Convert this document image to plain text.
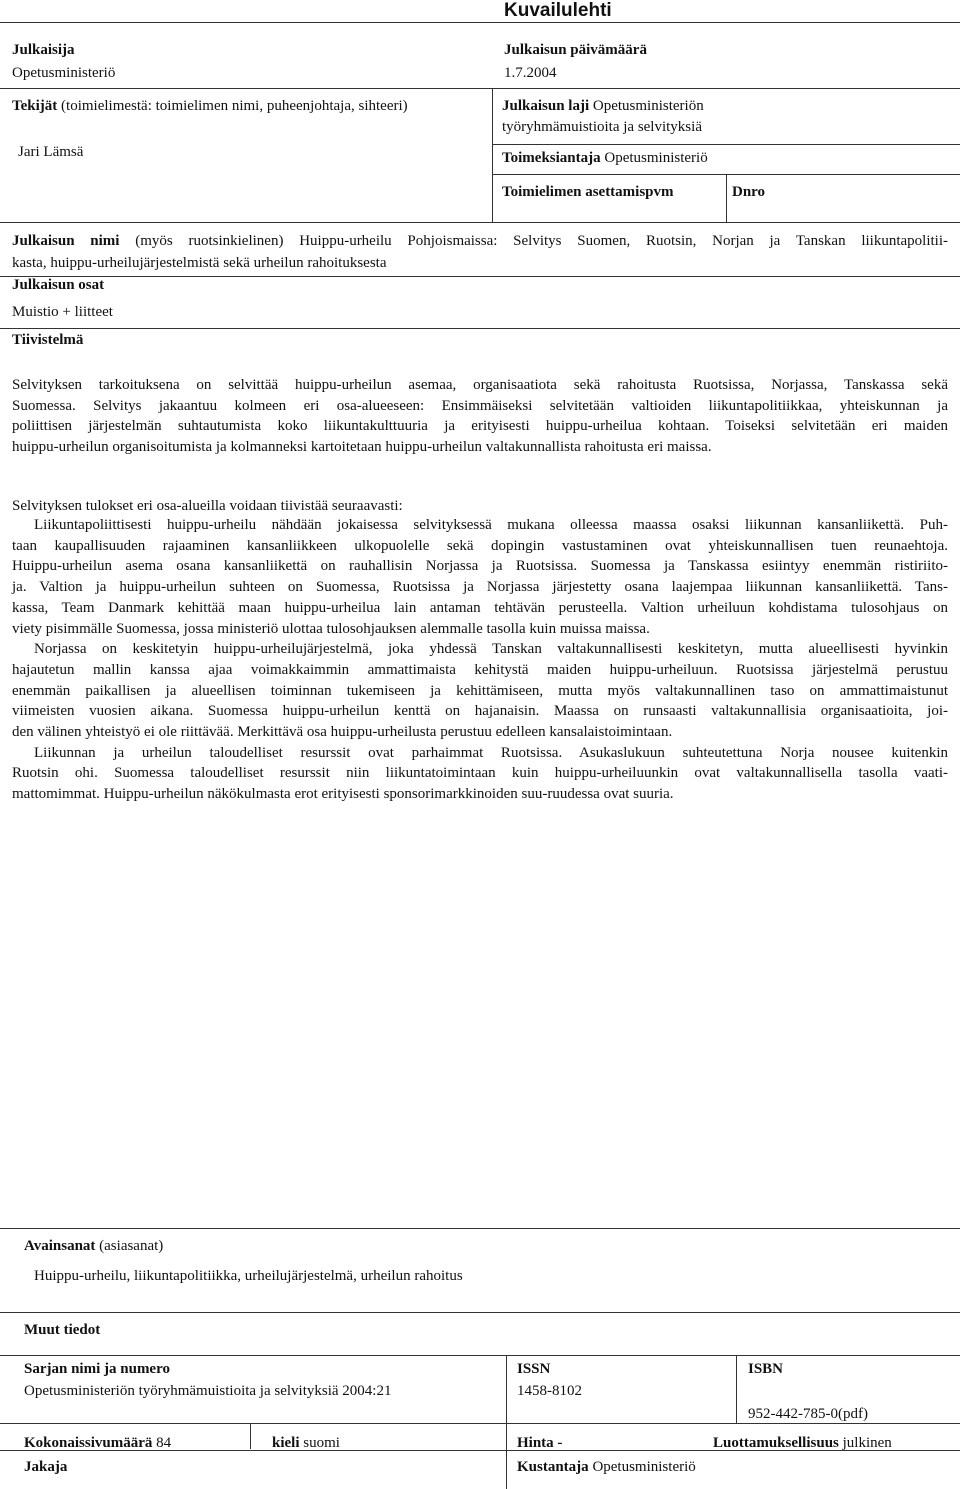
Kuvailulehti
Julkaisija
Opetusministeriö
Julkaisun päivämäärä
1.7.2004
Tekijät (toimielimestä: toimielimen nimi, puheenjohtaja, sihteeri)
Jari Lämsä
Julkaisun laji Opetusministeriön
työryhmämuistioita ja selvityksiä
Toimeksiantaja Opetusministeriö
Toimielimen asettamispvm	Dnro
Julkaisun nimi (myös ruotsinkielinen) Huippu-urheilu Pohjoismaissa: Selvitys Suomen, Ruotsin, Norjan ja Tanskan liikuntapolitii-
kasta, huippu-urheilujärjestelmistä sekä urheilun rahoituksesta
Julkaisun osat
Muistio + liitteet
Tiivistelmä

Selvityksen tarkoituksena on selvittää huippu-urheilun asemaa, organisaatiota sekä rahoitusta Ruotsissa, Norjassa, Tanskassa sekä

Suomessa. Selvitys jakaantuu kolmeen eri osa-alueeseen: Ensimmäiseksi selvitetään valtioiden liikuntapolitiikkaa, yhteiskunnan ja

poliittisen järjestelmän suhtautumista koko liikuntakulttuuria ja erityisesti huippu-urheilua kohtaan. Toiseksi selvitetään eri maiden

huippu-urheilun organisoitumista ja kolmanneksi kartoitetaan huippu-urheilun valtakunnallista rahoitusta eri maissa.

Selvityksen tulokset eri osa-alueilla voidaan tiivistää seuraavasti:

Liikuntapoliittisesti huippu-urheilu nähdään jokaisessa selvityksessä mukana olleessa maassa osaksi liikunnan kansanliikettä. Puh-

taan kaupallisuuden rajaaminen kansanliikkeen ulkopuolelle sekä dopingin vastustaminen ovat yhteiskunnallisen tuen reunaehtoja.

Huippu-urheilun asema osana kansanliikettä on rauhallisin Norjassa ja Ruotsissa. Suomessa ja Tanskassa esiintyy enemmän ristiriito-

ja. Valtion ja huippu-urheilun suhteen on Suomessa, Ruotsissa ja Norjassa järjestetty osana laajempaa liikunnan kansanliikettä. Tans-

kassa, Team Danmark kehittää maan huippu-urheilua lain antaman tehtävän perusteella. Valtion urheiluun kohdistama tulosohjaus on

viety pisimmälle Suomessa, jossa ministeriö ulottaa tulosohjauksen alemmalle tasolla kuin muissa maissa.

Norjassa on keskitetyin huippu-urheilujärjestelmä, joka yhdessä Tanskan valtakunnallisesti keskitetyn, mutta alueellisesti hyvinkin

hajautetun mallin kanssa ajaa voimakkaimmin ammattimaista kehitystä maiden huippu-urheiluun. Ruotsissa järjestelmä perustuu

enemmän paikallisen ja alueellisen toiminnan tukemiseen ja kehittämiseen, mutta myös valtakunnallinen taso on ammattimaistunut

viimeisten vuosien aikana. Suomessa huippu-urheilun kenttä on hajanaisin. Maassa on runsaasti valtakunnallisia organisaatioita, joi-

den välinen yhteistyö ei ole riittävää. Merkittävä osa huippu-urheilusta perustuu edelleen kansalaistoimintaan.

Liikunnan ja urheilun taloudelliset resurssit ovat parhaimmat Ruotsissa. Asukaslukuun suhteutettuna Norja nousee kuitenkin

Ruotsin ohi. Suomessa taloudelliset resurssit niin liikuntatoimintaan kuin huippu-urheiluunkin ovat valtakunnallisella tasolla vaati-

mattomimmat. Huippu-urheilun näkökulmasta erot erityisesti sponsorimarkkinoiden suu-ruudessa ovat suuria.

Avainsanat (asiasanat)
Huippu-urheilu, liikuntapolitiikka, urheilujärjestelmä, urheilun rahoitus
Muut tiedot
Sarjan nimi ja numero
Opetusministeriön työryhmämuistioita ja selvityksiä 2004:21
ISSN
1458-8102
ISBN
952-442-785-0(pdf)
Kokonaissivumäärä 84	kieli suomi	Hinta -	Luottamuksellisuus julkinen
Jakaja	Kustantaja Opetusministeriö
